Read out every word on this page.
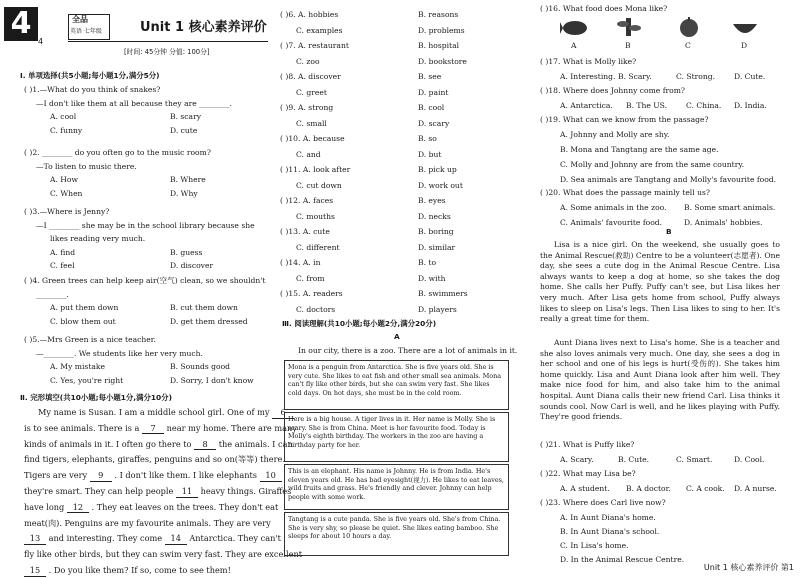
4
4
全品
英语 七年级	Unit 1 核心素养评价
[时间: 45分钟 分值: 100分]
Unit 1 核心素养评价 第1
Ⅰ. 单项选择(共5小题;每小题1分,满分5分)
( )1.—What do you think of snakes?
—I don't like them at all because they are ________.
A. cool	B. scary
C. funny	D. cute
( )2. ________ do you often go to the music room?
—To listen to music there.
A. How	B. Where
C. When	D. Why
( )3.—Where is Jenny?
—I ________ she may be in the school library because she
likes reading very much.
A. find	B. guess
C. feel	D. discover
( )4. Green trees can help keep air(空气) clean, so we shouldn't
________.
A. put them down	B. cut them down
C. blow them out	D. get them dressed
( )5.—Mrs Green is a nice teacher.
—________. We students like her very much.
A. My mistake	B. Sounds good
C. Yes, you're right	D. Sorry, I don't know
Ⅱ. 完形填空(共10小题;每小题1分,满分10分)
My name is Susan. I am a middle school girl. One of my 6
is to see animals. There is a 7 near my home. There are many
kinds of animals in it. I often go there to 8 the animals. I can
find tigers, elephants, giraffes, penguins and so on(等等) there.
Tigers are very 9 . I don't like them. I like elephants 10
they're smart. They can help people 11 heavy things. Giraffes
have long 12 . They eat leaves on the trees. They don't eat
meat(肉). Penguins are my favourite animals. They are very
13 and interesting. They come 14 Antarctica. They can't
fly like other birds, but they can swim very fast. They are excellent
15 . Do you like them? If so, come to see them!
( )6. A. hobbies	B. reasons
C. examples	D. problems
( )7. A. restaurant	B. hospital
C. zoo	D. bookstore
( )8. A. discover	B. see
C. greet	D. paint
( )9. A. strong	B. cool
C. small	D. scary
( )10. A. because	B. so
C. and	D. but
( )11. A. look after	B. pick up
C. cut down	D. work out
( )12. A. faces	B. eyes
C. mouths	D. necks
( )13. A. cute	B. boring
C. different	D. similar
( )14. A. in	B. to
C. from	D. with
( )15. A. readers	B. swimmers
C. doctors	D. players
Ⅲ. 阅读理解(共10小题;每小题2分,满分20分)
A
In our city, there is a zoo. There are a lot of animals in it.
Mona is a penguin from Antarctica. She is five years old. She is very cute. She likes to eat fish and other small sea animals. Mona can't fly like other birds, but she can swim very fast. She likes cold days. On hot days, she must be in the cold room.
Here is a big house. A tiger lives in it. Her name is Molly. She is scary. She is from China. Meet is her favourite food. Today is Molly's eighth birthday. The workers in the zoo are having a birthday party for her.
This is an elephant. His name is Johnny. He is from India. He's eleven years old. He has bad eyesight(视力). He likes to eat leaves, wild fruits and grass. He's friendly and clever. Johnny can help people with some work.
Tangtang is a cute panda. She is five years old. She's from China. She is very shy, so please be quiet. She likes eating bamboo. She sleeps for about 10 hours a day.
( )16. What food does Mona like?
A	B	C	D
( )17. What is Molly like?
A. Interesting. B. Scary.	C. Strong.	D. Cute.
( )18. Where does Johnny come from?
A. Antarctica. B. The US. C. China. D. India.
( )19. What can we know from the passage?
A. Johnny and Molly are shy.
B. Mona and Tangtang are the same age.
C. Molly and Johnny are from the same country.
D. Sea animals are Tangtang and Molly's favourite food.
( )20. What does the passage mainly tell us?
A. Some animals in the zoo. B. Some smart animals.
C. Animals' favourite food.	D. Animals' hobbies.
B
Lisa is a nice girl. On the weekend, she usually goes to the Animal Rescue(救助) Centre to be a volunteer(志愿者). One day, she sees a cute dog in the Animal Rescue Centre. Lisa always wants to keep a dog at home, so she takes the dog home. She calls her Puffy. Puffy can't see, but Lisa likes her very much. After Lisa gets home from school, Puffy always likes to sleep on Lisa's legs. Then Lisa likes to sing to her. It's really a great time for them.
Aunt Diana lives next to Lisa's home. She is a teacher and she also loves animals very much. One day, she sees a dog in her school and one of his legs is hurt(受伤的). She takes him home quickly. Lisa and Aunt Diana look after him well. They make nice food for him, and also take him to the animal hospital. Aunt Diana calls their new friend Carl. Lisa thinks it sounds cool. Now Carl is well, and he likes playing with Puffy. They're good friends.
( )21. What is Puffy like?
A. Scary.	B. Cute.	C. Smart.	D. Cool.
( )22. What may Lisa be?
A. A student. B. A doctor. C. A cook. D. A nurse.
( )23. Where does Carl live now?
A. In Aunt Diana's home.
B. In Aunt Diana's school.
C. In Lisa's home.
D. In the Animal Rescue Centre.
